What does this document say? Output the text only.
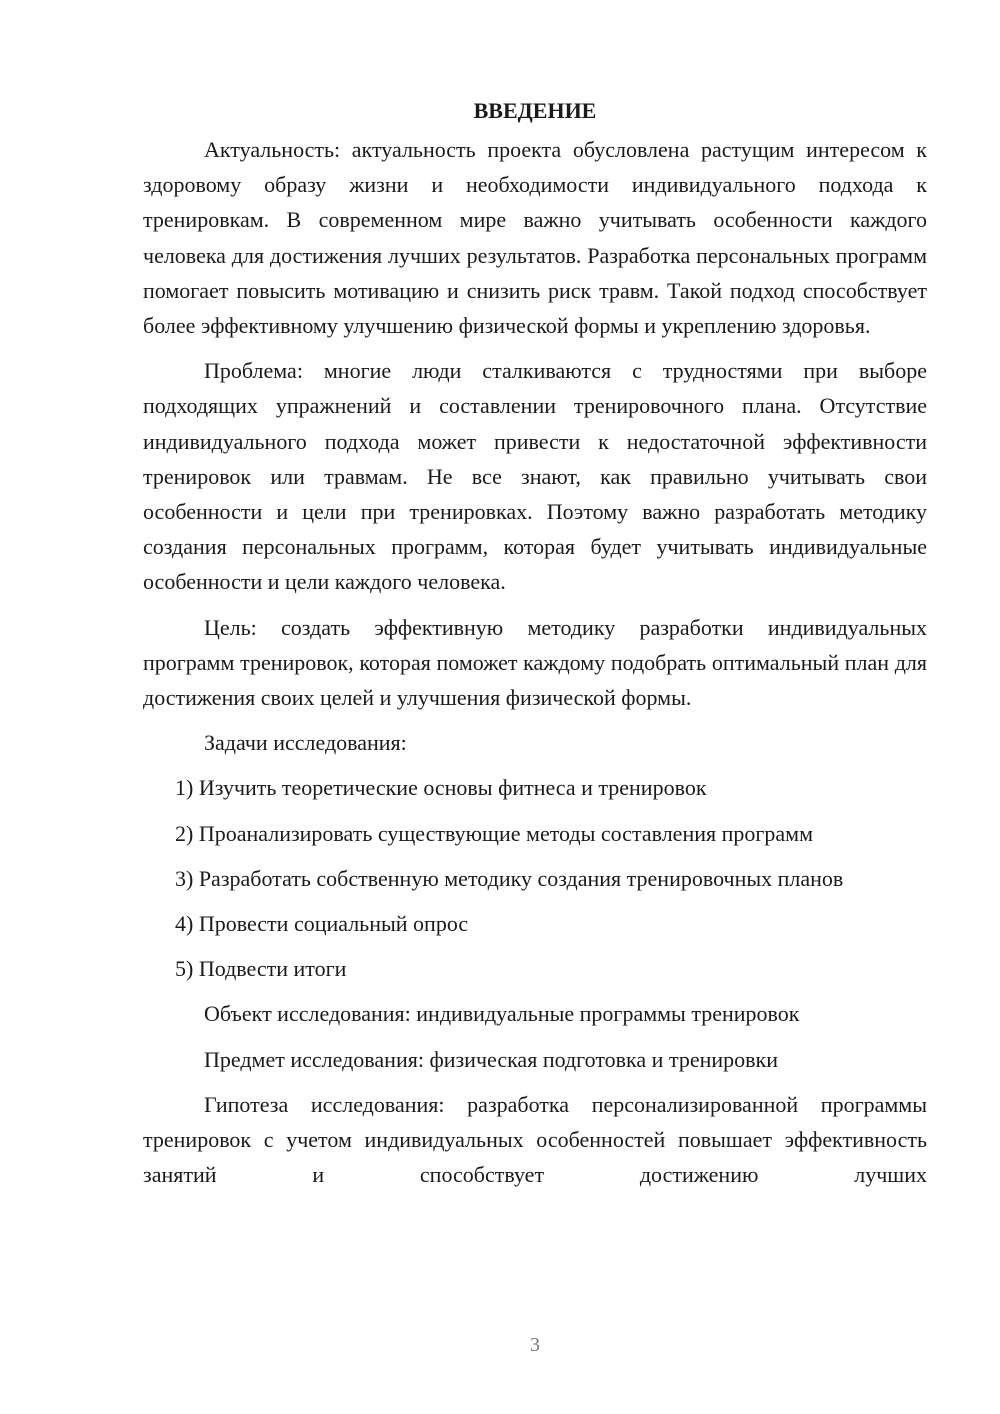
ВВЕДЕНИЕ

Актуальность: актуальность проекта обусловлена растущим интересом к здоровому образу жизни и необходимости индивидуального подхода к тренировкам. В современном мире важно учитывать особенности каждого человека для достижения лучших результатов. Разработка персональных программ помогает повысить мотивацию и снизить риск травм. Такой подход способствует более эффективному улучшению физической формы и укреплению здоровья.

Проблема: многие люди сталкиваются с трудностями при выборе подходящих упражнений и составлении тренировочного плана. Отсутствие индивидуального подхода может привести к недостаточной эффективности тренировок или травмам. Не все знают, как правильно учитывать свои особенности и цели при тренировках. Поэтому важно разработать методику создания персональных программ, которая будет учитывать индивидуальные особенности и цели каждого человека.

Цель: создать эффективную методику разработки индивидуальных программ тренировок, которая поможет каждому подобрать оптимальный план для достижения своих целей и улучшения физической формы.

Задачи исследования:

1) Изучить теоретические основы фитнеса и тренировок

2) Проанализировать существующие методы составления программ

3) Разработать собственную методику создания тренировочных планов

4) Провести социальный опрос

5) Подвести итоги

Объект исследования: индивидуальные программы тренировок

Предмет исследования: физическая подготовка и тренировки

Гипотеза исследования: разработка персонализированной программы тренировок с учетом индивидуальных особенностей повышает эффективность занятий и способствует достижению лучших

3
